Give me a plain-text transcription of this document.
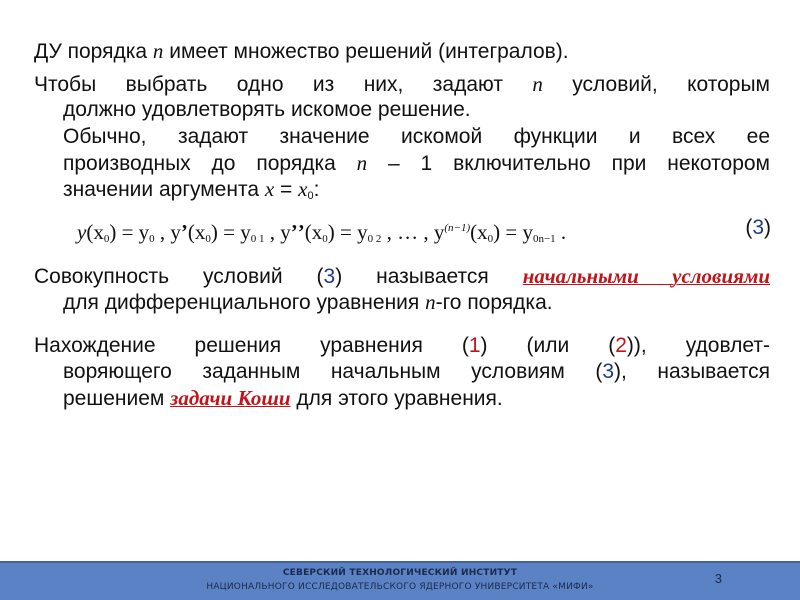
ДУ порядка n имеет множество решений (интегралов).

Чтобы выбрать одно из них, задают n условий, которым

должно удовлетворять искомое решение.

Обычно, задают значение искомой функции и всех ее

производных до порядка n – 1 включительно при некотором

значении аргумента $x = x_0$:

$y(x_0) = y_0$ , $yʼ(x_0) = y_{0 1}$ , $yʼʼ(x_0) = y_{0 2}$ , … , $y^{(n-1)}(x_0) = y_{0n-1}$ .	(3)

Совокупность условий (3) называется начальными условиями

для дифференциального уравнения n-го порядка.

Нахождение решения уравнения (1) (или (2)), удовлет-

воряющего заданным начальным условиям (3), называется

решением задачи Коши для этого уравнения.

СЕВЕРСКИЙ ТЕХНОЛОГИЧЕСКИЙ ИНСТИТУТ
НАЦИОНАЛЬНОГО ИССЛЕДОВАТЕЛЬСКОГО ЯДЕРНОГО УНИВЕРСИТЕТА «МИФИ»
3
